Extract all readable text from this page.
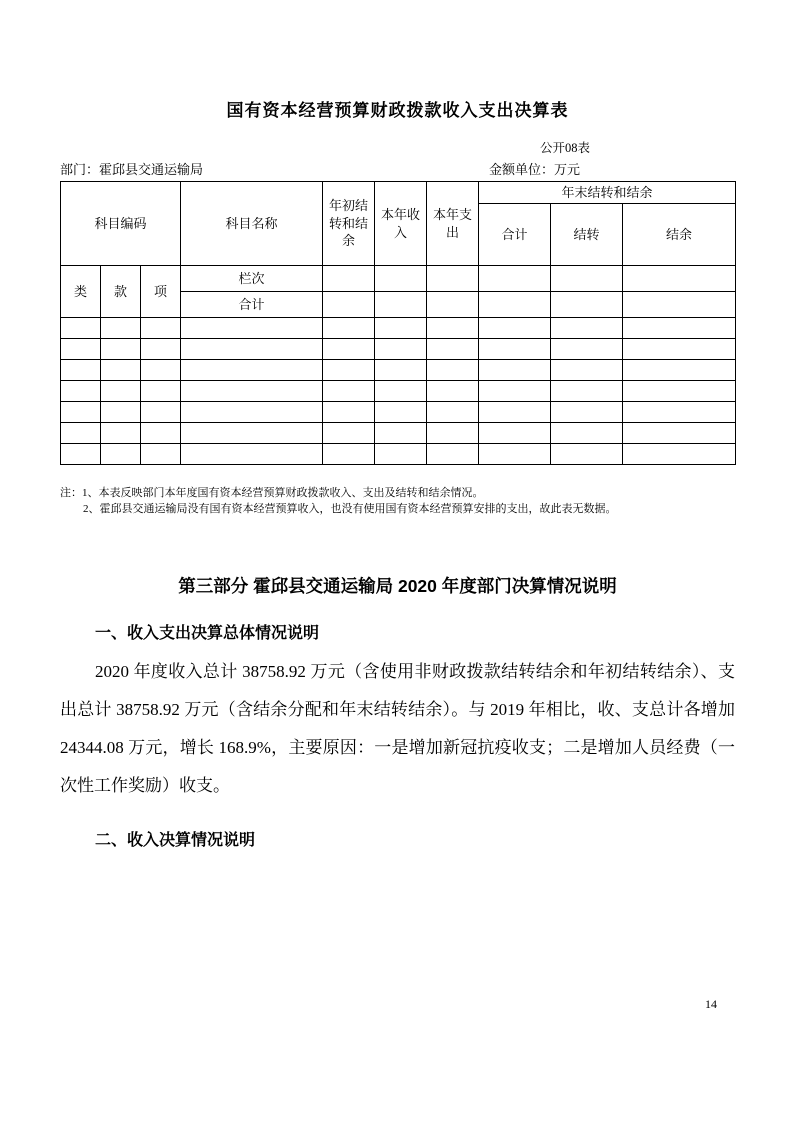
国有资本经营预算财政拨款收入支出决算表
公开08表
部门：霍邱县交通运输局	金额单位：万元
科目编码			科目名称	年初结转和结余	本年收入	本年支出	年末结转和结余		
							合计	结转	结余
类	款	项	栏次						
			合计						

注：1、本表反映部门本年度国有资本经营预算财政拨款收入、支出及结转和结余情况。

2、霍邱县交通运输局没有国有资本经营预算收入，也没有使用国有资本经营预算安排的支出，故此表无数据。

第三部分 霍邱县交通运输局 2020 年度部门决算情况说明
一、收入支出决算总体情况说明

2020 年度收入总计 38758.92 万元（含使用非财政拨款结转结余和年初结转结余）、支出总计 38758.92 万元（含结余分配和年末结转结余）。与 2019 年相比，收、支总计各增加 24344.08 万元，增长 168.9%，主要原因：一是增加新冠抗疫收支；二是增加人员经费（一次性工作奖励）收支。

二、收入决算情况说明
14
